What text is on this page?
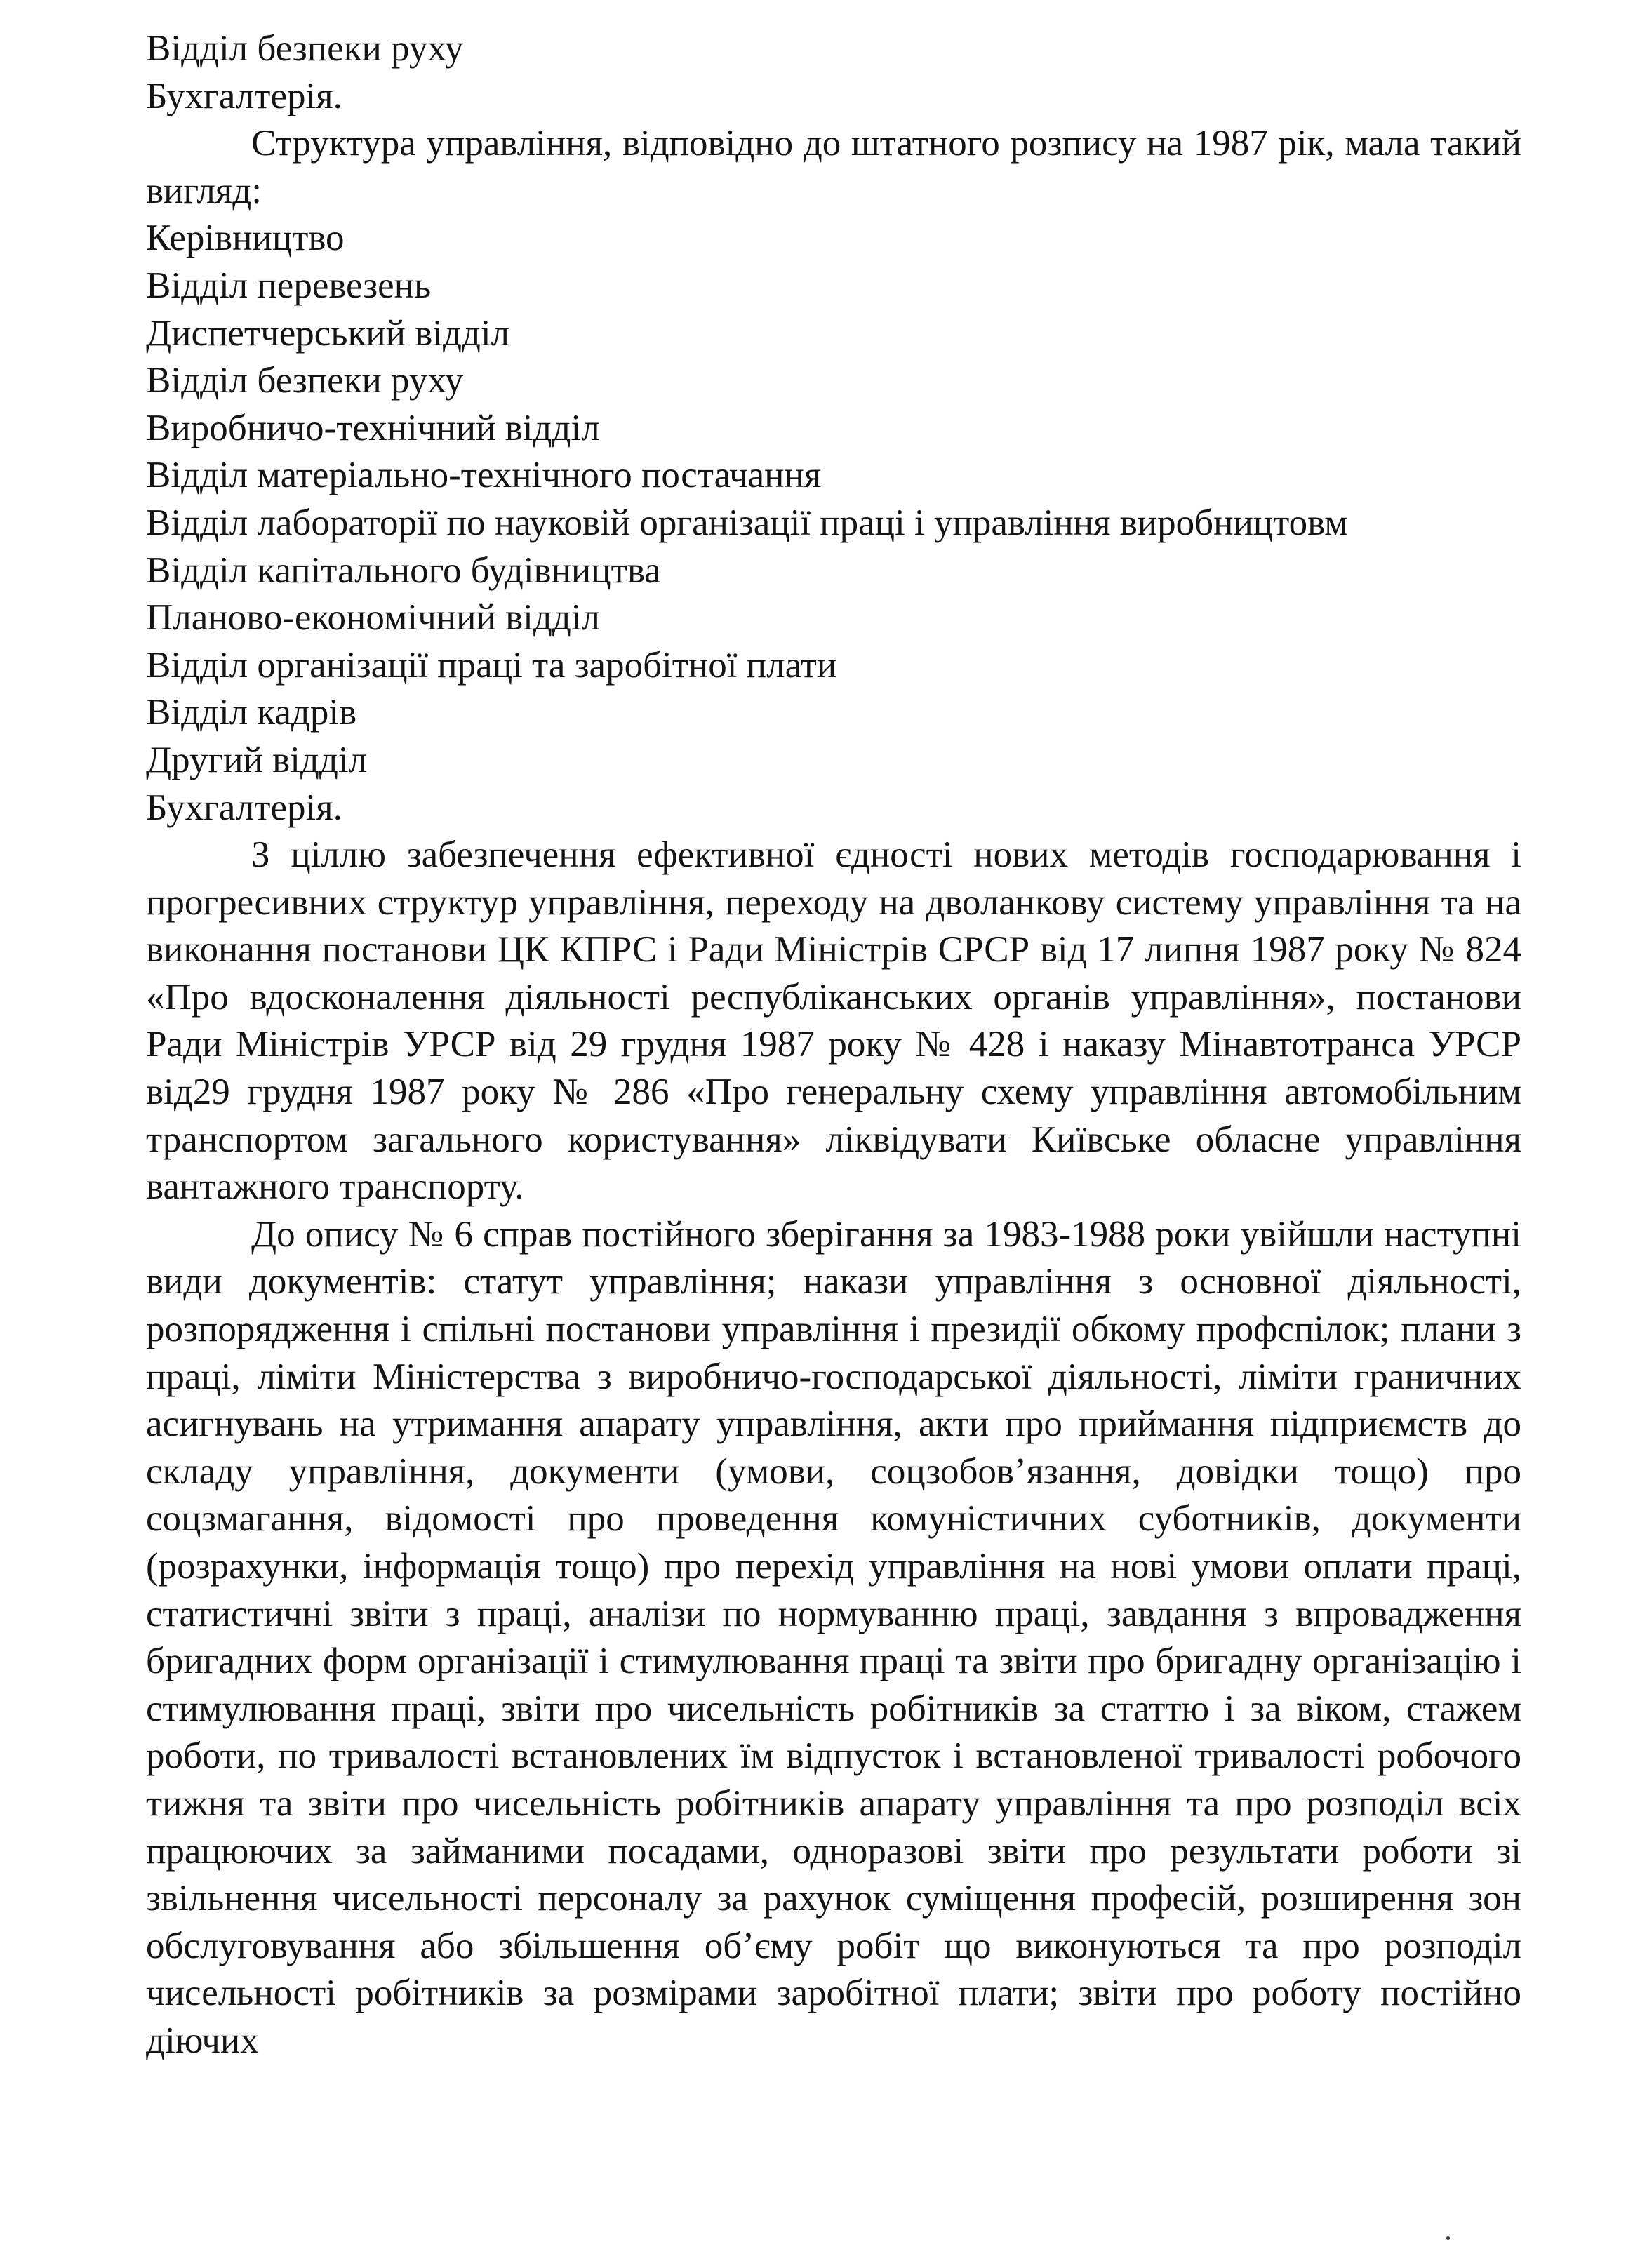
Відділ безпеки руху
Бухгалтерія.

Структура управління, відповідно до штатного розпису на 1987 рік, мала такий вигляд:

Керівництво
Відділ перевезень
Диспетчерський відділ
Відділ безпеки руху
Виробничо-технічний відділ
Відділ матеріально-технічного постачання
Відділ лабораторії по науковій організації праці і управління виробництовм
Відділ капітального будівництва
Планово-економічний відділ
Відділ організації праці та заробітної плати
Відділ кадрів
Другий відділ
Бухгалтерія.

З ціллю забезпечення ефективної єдності нових методів господарювання і прогресивних структур управління, переходу на дволанкову систему управління та на виконання постанови ЦК КПРС і Ради Міністрів СРСР від 17 липня 1987 року № 824 «Про вдосконалення діяльності республіканських органів управління», постанови Ради Міністрів УРСР від 29 грудня 1987 року № 428 і наказу Мінавтотранса УРСР від29 грудня 1987 року № 286 «Про генеральну схему управління автомобільним транспортом загального користування» ліквідувати Київське обласне управління вантажного транспорту.

До опису № 6 справ постійного зберігання за 1983-1988 роки увійшли наступні види документів: статут управління; накази управління з основної діяльності, розпорядження і спільні постанови управління і президії обкому профспілок; плани з праці, ліміти Міністерства з виробничо-господарської діяльності, ліміти граничних асигнувань на утримання апарату управління, акти про приймання підприємств до складу управління, документи (умови, соцзобов’язання, довідки тощо) про соцзмагання, відомості про проведення комуністичних суботників, документи (розрахунки, інформація тощо) про перехід управління на нові умови оплати праці, статистичні звіти з праці, аналізи по нормуванню праці, завдання з впровадження бригадних форм організації і стимулювання праці та звіти про бригадну організацію і стимулювання праці, звіти про чисельність робітників за статтю і за віком, стажем роботи, по тривалості встановлених їм відпусток і встановленої тривалості робочого тижня та звіти про чисельність робітників апарату управління та про розподіл всіх працюючих за займаними посадами, одноразові звіти про результати роботи зі звільнення чисельності персоналу за рахунок суміщення професій, розширення зон обслуговування або збільшення об’єму робіт що виконуються та про розподіл чисельності робітників за розмірами заробітної плати; звіти про роботу постійно діючих
